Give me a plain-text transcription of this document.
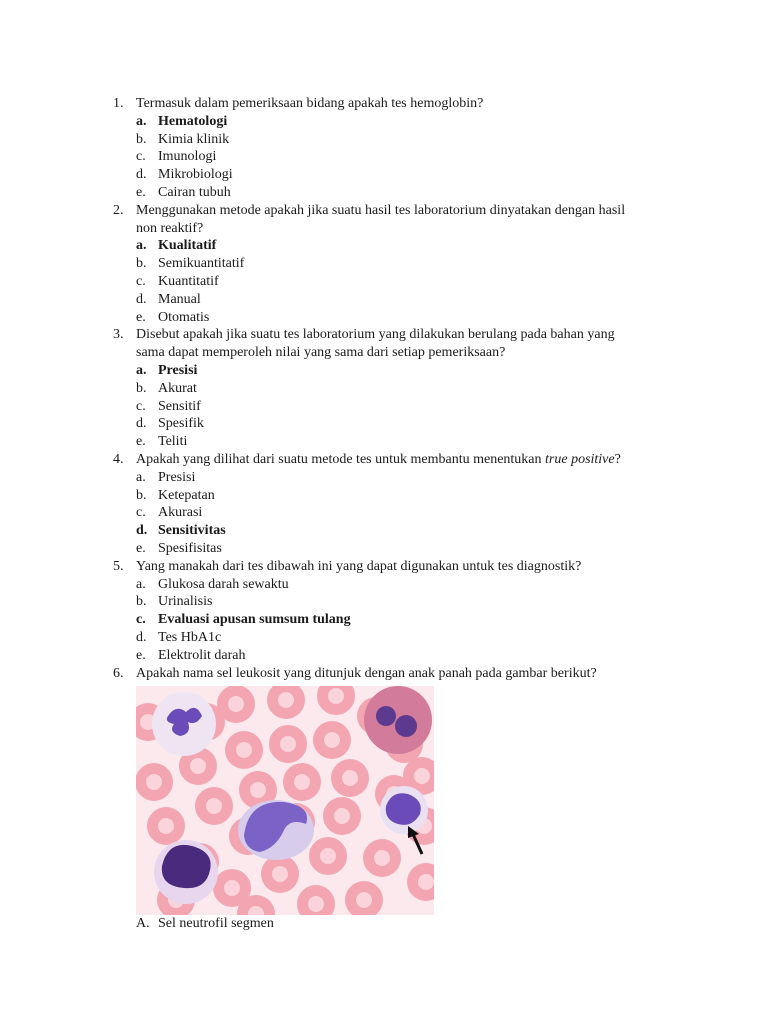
1. Termasuk dalam pemeriksaan bidang apakah tes hemoglobin?
a. Hematologi
b. Kimia klinik
c. Imunologi
d. Mikrobiologi
e. Cairan tubuh
2. Menggunakan metode apakah jika suatu hasil tes laboratorium dinyatakan dengan hasil
non reaktif?
a. Kualitatif
b. Semikuantitatif
c. Kuantitatif
d. Manual
e. Otomatis
3. Disebut apakah jika suatu tes laboratorium yang dilakukan berulang pada bahan yang
sama dapat memperoleh nilai yang sama dari setiap pemeriksaan?
a. Presisi
b. Akurat
c. Sensitif
d. Spesifik
e. Teliti
4. Apakah yang dilihat dari suatu metode tes untuk membantu menentukan true positive?
a. Presisi
b. Ketepatan
c. Akurasi
d. Sensitivitas
e. Spesifisitas
5. Yang manakah dari tes dibawah ini yang dapat digunakan untuk tes diagnostik?
a. Glukosa darah sewaktu
b. Urinalisis
c. Evaluasi apusan sumsum tulang
d. Tes HbA1c
e. Elektrolit darah
6. Apakah nama sel leukosit yang ditunjuk dengan anak panah pada gambar berikut?
A. Sel neutrofil segmen
